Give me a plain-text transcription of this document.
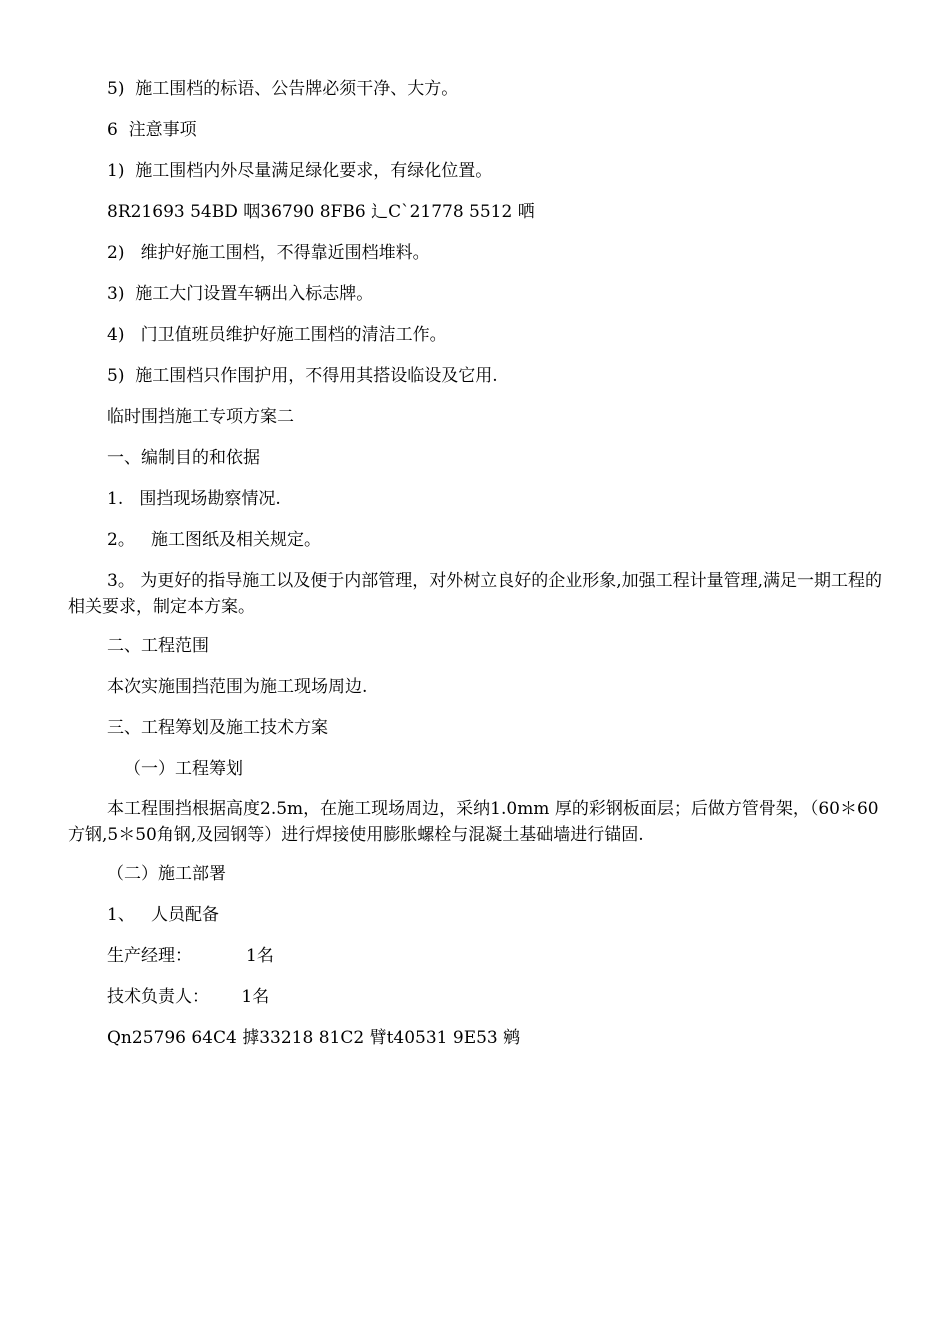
5)  施工围档的标语、公告牌必须干净、大方。
6  注意事项
1)  施工围档内外尽量满足绿化要求，有绿化位置。
8R21693 54BD 咽36790 8FB6 辶C`21778 5512 哂
2)   维护好施工围档，不得靠近围档堆料。
3)  施工大门设置车辆出入标志牌。
4)   门卫值班员维护好施工围档的清洁工作。
5)  施工围档只作围护用，不得用其搭设临设及它用.
临时围挡施工专项方案二
一、编制目的和依据
1.   围挡现场勘察情况.
2。   施工图纸及相关规定。
3。 为更好的指导施工以及便于内部管理，对外树立良好的企业形象,加强工程计量管理,满足一期工程的相关要求，制定本方案。
二、工程范围
本次实施围挡范围为施工现场周边.
三、工程筹划及施工技术方案
（一）工程筹划
本工程围挡根据高度2.5m，在施工现场周边，采纳1.0mm 厚的彩钢板面层；后做方管骨架，（60＊60方钢,5＊50角钢,及园钢等）进行焊接使用膨胀螺栓与混凝土基础墙进行锚固.
（二）施工部署
1、   人员配备
生产经理：          1名
技术负责人：      1名
Qn25796 64C4 摢33218 81C2 臂t40531 9E53 鹓
